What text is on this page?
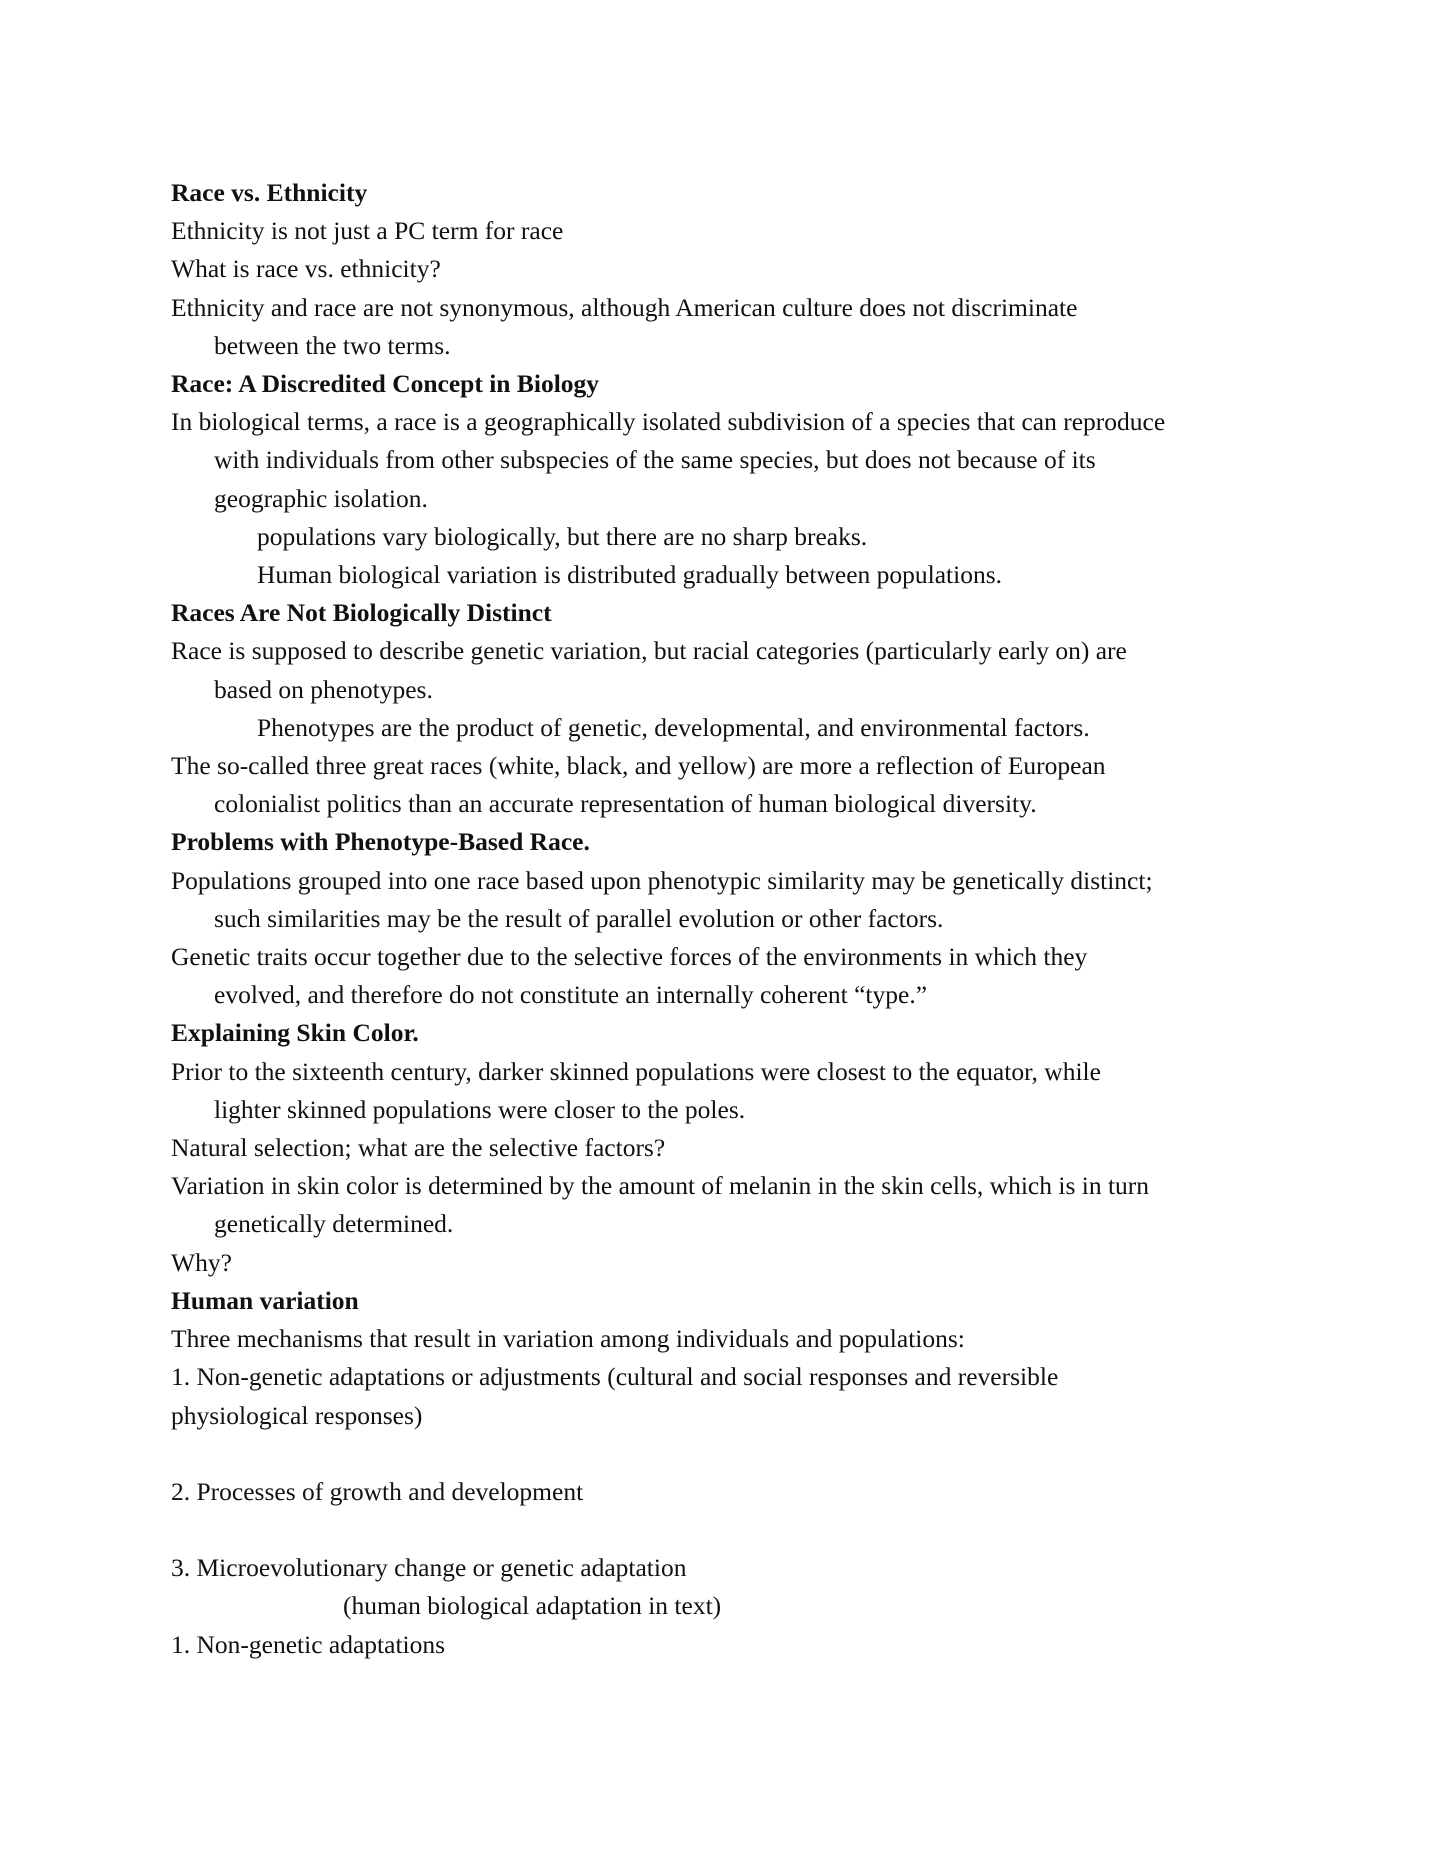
Race vs. Ethnicity

Ethnicity is not just a PC term for race

What is race vs. ethnicity?

Ethnicity and race are not synonymous, although American culture does not discriminate

between the two terms.

Race: A Discredited Concept in Biology

In biological terms, a race is a geographically isolated subdivision of a species that can reproduce

with individuals from other subspecies of the same species, but does not because of its

geographic isolation.

populations vary biologically, but there are no sharp breaks.

Human biological variation is distributed gradually between populations.

Races Are Not Biologically Distinct

Race is supposed to describe genetic variation, but racial categories (particularly early on) are

based on phenotypes.

Phenotypes are the product of genetic, developmental, and environmental factors.

The so-called three great races (white, black, and yellow) are more a reflection of European

colonialist politics than an accurate representation of human biological diversity.

Problems with Phenotype-Based Race.

Populations grouped into one race based upon phenotypic similarity may be genetically distinct;

such similarities may be the result of parallel evolution or other factors.

Genetic traits occur together due to the selective forces of the environments in which they

evolved, and therefore do not constitute an internally coherent “type.”

Explaining Skin Color.

Prior to the sixteenth century, darker skinned populations were closest to the equator, while

lighter skinned populations were closer to the poles.

Natural selection; what are the selective factors?

Variation in skin color is determined by the amount of melanin in the skin cells, which is in turn

genetically determined.

Why?

Human variation

Three mechanisms that result in variation among individuals and populations:

1. Non-genetic adaptations or adjustments (cultural and social responses and reversible

physiological responses)

2. Processes of growth and development

3. Microevolutionary change or genetic adaptation

(human biological adaptation in text)

1. Non-genetic adaptations
